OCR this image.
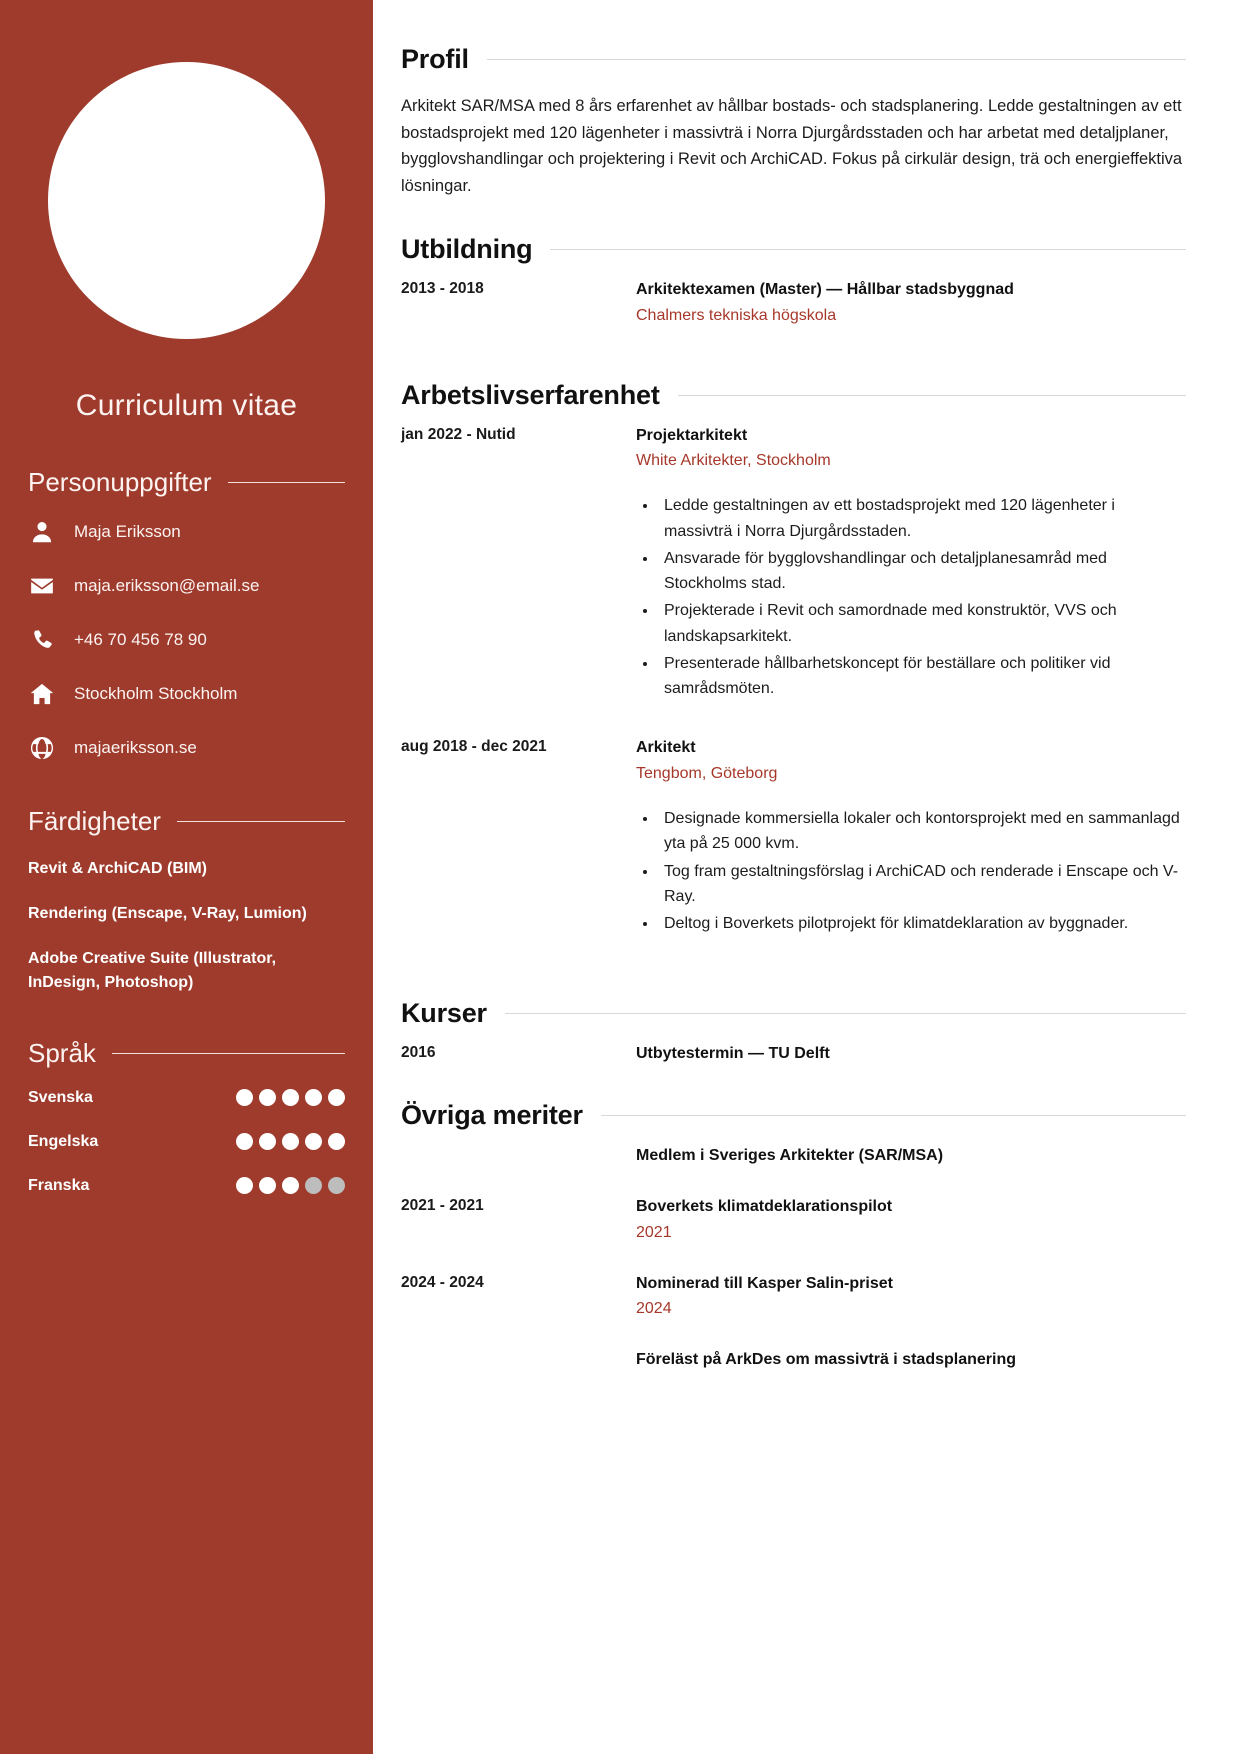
Curriculum vitae
Personuppgifter
Maja Eriksson
maja.eriksson@email.se
+46 70 456 78 90
Stockholm Stockholm
majaeriksson.se
Färdigheter
Revit & ArchiCAD (BIM)
Rendering (Enscape, V-Ray, Lumion)
Adobe Creative Suite (Illustrator, InDesign, Photoshop)
Språk
Svenska
Engelska
Franska
Profil

Arkitekt SAR/MSA med 8 års erfarenhet av hållbar bostads- och stadsplanering. Ledde gestaltningen av ett bostadsprojekt med 120 lägenheter i massivträ i Norra Djurgårdsstaden och har arbetat med detaljplaner, bygglovshandlingar och projektering i Revit och ArchiCAD. Fokus på cirkulär design, trä och energieffektiva lösningar.

Utbildning
2013 - 2018	Arkitektexamen (Master) — Hållbar stadsbyggnad
Chalmers tekniska högskola
Arbetslivserfarenhet
jan 2022 - Nutid	Projektarkitekt
White Arkitekter, Stockholm
• Ledde gestaltningen av ett bostadsprojekt med 120 lägenheter i massivträ i Norra Djurgårdsstaden.
• Ansvarade för bygglovshandlingar och detaljplanesamråd med Stockholms stad.
• Projekterade i Revit och samordnade med konstruktör, VVS och landskapsarkitekt.
• Presenterade hållbarhetskoncept för beställare och politiker vid samrådsmöten.
aug 2018 - dec 2021	Arkitekt
Tengbom, Göteborg
• Designade kommersiella lokaler och kontorsprojekt med en sammanlagd yta på 25 000 kvm.
• Tog fram gestaltningsförslag i ArchiCAD och renderade i Enscape och V-Ray.
• Deltog i Boverkets pilotprojekt för klimatdeklaration av byggnader.
Kurser
2016	Utbytestermin — TU Delft
Övriga meriter
Medlem i Sveriges Arkitekter (SAR/MSA)
2021 - 2021	Boverkets klimatdeklarationspilot
2021
2024 - 2024	Nominerad till Kasper Salin-priset
2024
Föreläst på ArkDes om massivträ i stadsplanering
